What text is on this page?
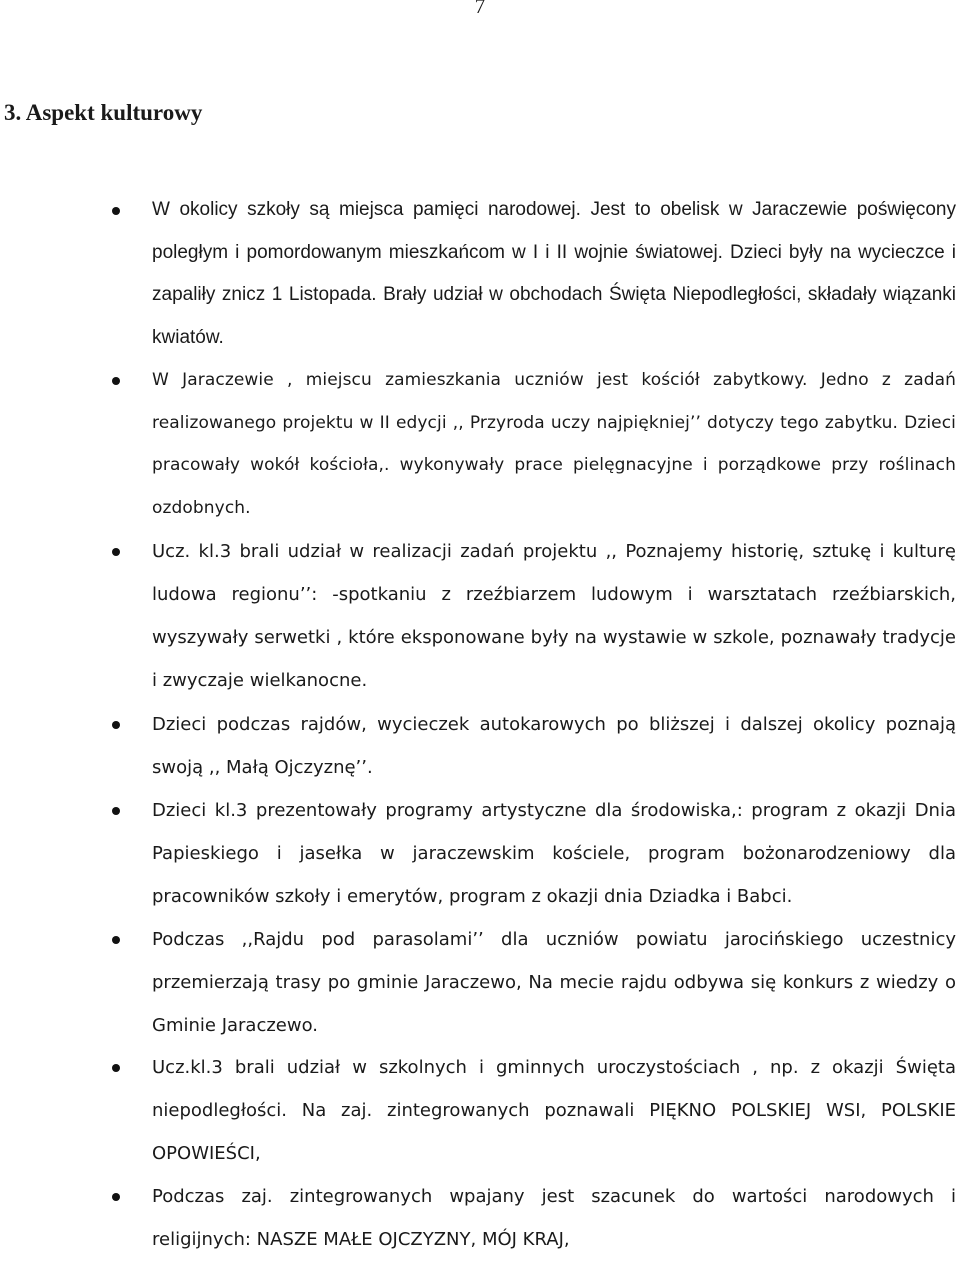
7
3. Aspekt kulturowy

W okolicy szkoły są miejsca pamięci narodowej. Jest to obelisk w Jaraczewie poświęcony poległym i pomordowanym mieszkańcom w I i II wojnie światowej. Dzieci były na wycieczce i zapaliły znicz 1 Listopada. Brały udział w obchodach Święta Niepodległości, składały wiązanki kwiatów.

W Jaraczewie , miejscu zamieszkania uczniów jest kościół zabytkowy. Jedno z zadań realizowanego projektu w II edycji ,, Przyroda uczy najpiękniej’’ dotyczy tego zabytku. Dzieci pracowały wokół kościoła,. wykonywały prace pielęgnacyjne i porządkowe przy roślinach ozdobnych.

Ucz. kl.3 brali udział w realizacji zadań projektu ,, Poznajemy historię, sztukę i kulturę ludowa regionu’’: -spotkaniu z rzeźbiarzem ludowym i warsztatach rzeźbiarskich, wyszywały serwetki , które eksponowane były na wystawie w szkole, poznawały tradycje i zwyczaje wielkanocne.

Dzieci podczas rajdów, wycieczek autokarowych po bliższej i dalszej okolicy poznają swoją ,, Małą Ojczyznę’’.

Dzieci kl.3 prezentowały programy artystyczne dla środowiska,: program z okazji Dnia Papieskiego i jasełka w jaraczewskim kościele, program bożonarodzeniowy dla pracowników szkoły i emerytów, program z okazji dnia Dziadka i Babci.

Podczas ,,Rajdu pod parasolami’’ dla uczniów powiatu jarocińskiego uczestnicy przemierzają trasy po gminie Jaraczewo, Na mecie rajdu odbywa się konkurs z wiedzy o Gminie Jaraczewo.

Ucz.kl.3 brali udział w szkolnych i gminnych uroczystościach , np. z okazji Święta niepodległości. Na zaj. zintegrowanych poznawali PIĘKNO POLSKIEJ WSI, POLSKIE OPOWIEŚCI,

Podczas zaj. zintegrowanych wpajany jest szacunek do wartości narodowych i religijnych: NASZE MAŁE OJCZYZNY, MÓJ KRAJ,
